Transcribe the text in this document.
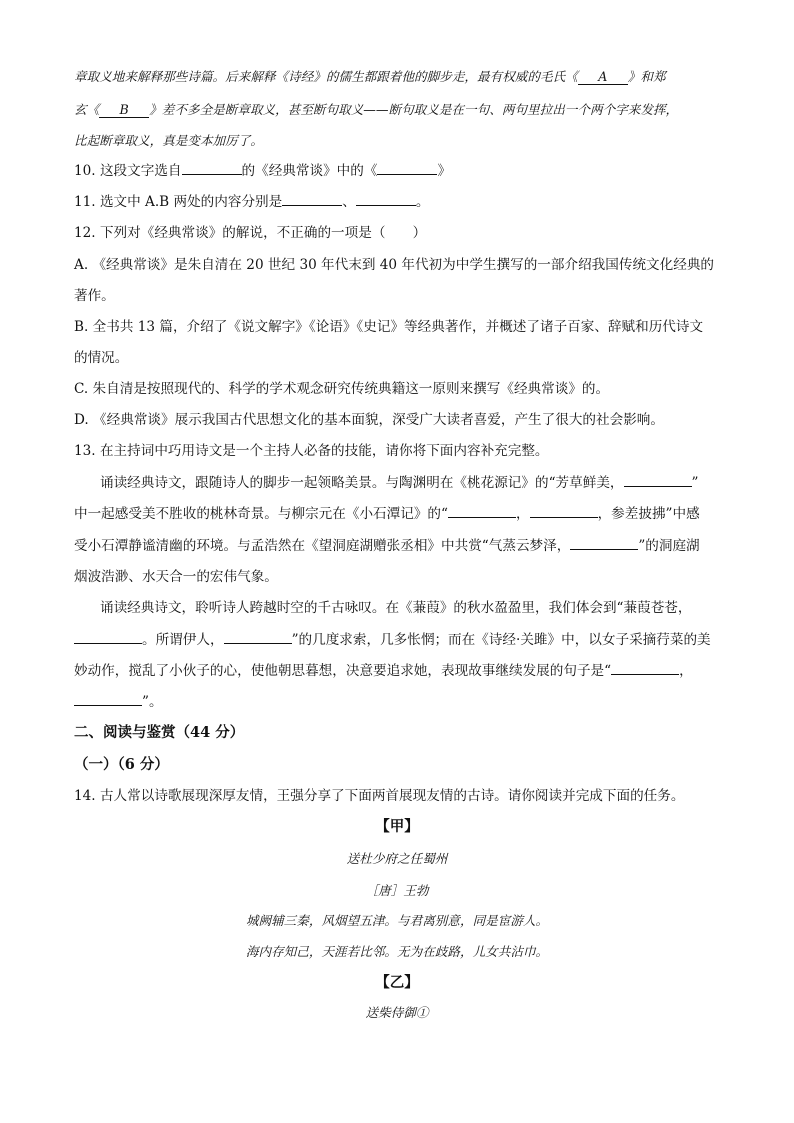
章取义地来解释那些诗篇。后来解释《诗经》的儒生都跟着他的脚步走，最有权威的毛氏《 A 》和郑
玄《 B 》差不多全是断章取义，甚至断句取义——断句取义是在一句、两句里拉出一个两个字来发挥，
比起断章取义，真是变本加厉了。
10. 这段文字选自	的《经典常谈》中的《	》
11. 选文中 A.B 两处的内容分别是	、	。
12. 下列对《经典常谈》的解说，不正确的一项是（　　）
A. 《经典常谈》是朱自清在 20 世纪 30 年代末到 40 年代初为中学生撰写的一部介绍我国传统文化经典的
著作。
B. 全书共 13 篇，介绍了《说文解字》《论语》《史记》等经典著作，并概述了诸子百家、辞赋和历代诗文
的情况。
C. 朱自清是按照现代的、科学的学术观念研究传统典籍这一原则来撰写《经典常谈》的。
D. 《经典常谈》展示我国古代思想文化的基本面貌，深受广大读者喜爱，产生了很大的社会影响。
13. 在主持词中巧用诗文是一个主持人必备的技能，请你将下面内容补充完整。
诵读经典诗文，跟随诗人的脚步一起领略美景。与陶渊明在《桃花源记》的“芳草鲜美，	”
中一起感受美不胜收的桃林奇景。与柳宗元在《小石潭记》的“	，	，参差披拂”中感
受小石潭静谧清幽的环境。与孟浩然在《望洞庭湖赠张丞相》中共赏“气蒸云梦泽，	”的洞庭湖
烟波浩渺、水天合一的宏伟气象。
诵读经典诗文，聆听诗人跨越时空的千古咏叹。在《蒹葭》的秋水盈盈里，我们体会到“蒹葭苍苍，
。所谓伊人，	”的几度求索，几多怅惘；而在《诗经·关雎》中，以女子采摘荇菜的美
妙动作，搅乱了小伙子的心，使他朝思暮想，决意要追求她，表现故事继续发展的句子是“	，
”。
二、阅读与鉴赏（44 分）
（一）（6 分）
14. 古人常以诗歌展现深厚友情，王强分享了下面两首展现友情的古诗。请你阅读并完成下面的任务。
【甲】
送杜少府之任蜀州
［唐］王勃
城阙辅三秦，风烟望五津。与君离别意，同是宦游人。
海内存知己，天涯若比邻。无为在歧路，儿女共沾巾。
【乙】
送柴侍御①
